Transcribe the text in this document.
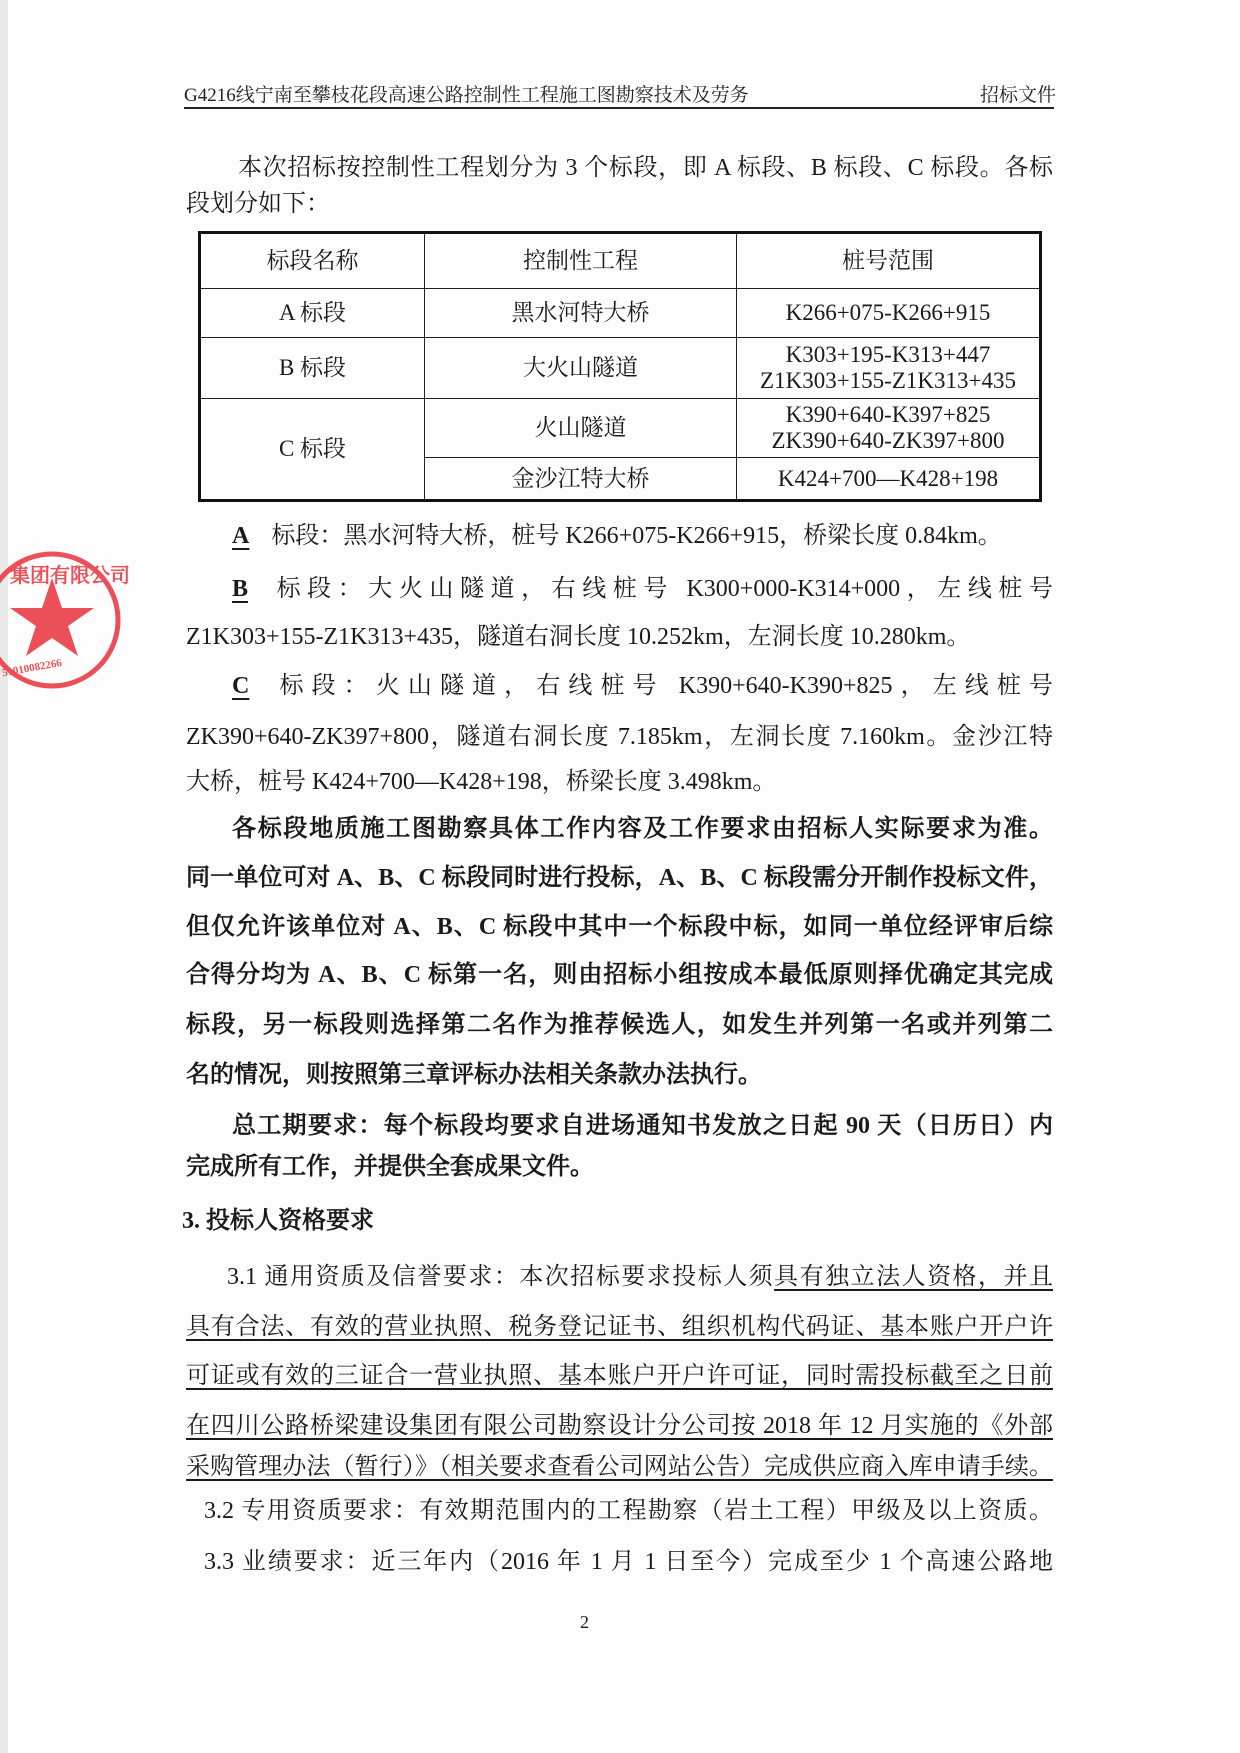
G4216线宁南至攀枝花段高速公路控制性工程施工图勘察技术及劳务	招标文件
标段名称	控制性工程	桩号范围
A 标段	黑水河特大桥	K266+075-K266+915
B 标段	大火山隧道	K303+195-K313+447
Z1K303+155-Z1K313+435

C 标段	火山隧道	K390+640-K397+825
ZK390+640-ZK397+800

	金沙江特大桥	K424+700—K428+198
本次招标按控制性工程划分为 3 个标段，即 A 标段、B 标段、C 标段。各标
段划分如下：
A 标段：黑水河特大桥，桩号 K266+075-K266+915，桥梁长度 0.84km。
B 标段：大火山隧道，右线桩号 K300+000-K314+000，左线桩号
Z1K303+155-Z1K313+435，隧道右洞长度 10.252km，左洞长度 10.280km。
C 标段：火山隧道，右线桩号 K390+640-K390+825，左线桩号
ZK390+640-ZK397+800，隧道右洞长度 7.185km，左洞长度 7.160km。金沙江特
大桥，桩号 K424+700—K428+198，桥梁长度 3.498km。
各标段地质施工图勘察具体工作内容及工作要求由招标人实际要求为准。
同一单位可对 A、B、C 标段同时进行投标，A、B、C 标段需分开制作投标文件，
但仅允许该单位对 A、B、C 标段中其中一个标段中标，如同一单位经评审后综
合得分均为 A、B、C 标第一名，则由招标小组按成本最低原则择优确定其完成
标段，另一标段则选择第二名作为推荐候选人，如发生并列第一名或并列第二
名的情况，则按照第三章评标办法相关条款办法执行。
总工期要求：每个标段均要求自进场通知书发放之日起 90 天（日历日）内
完成所有工作，并提供全套成果文件。
3. 投标人资格要求
3.1 通用资质及信誉要求：本次招标要求投标人须具有独立法人资格，并且
具有合法、有效的营业执照、税务登记证书、组织机构代码证、基本账户开户许
可证或有效的三证合一营业执照、基本账户开户许可证，同时需投标截至之日前
在四川公路桥梁建设集团有限公司勘察设计分公司按 2018 年 12 月实施的《外部
采购管理办法（暂行）》（相关要求查看公司网站公告）完成供应商入库申请手续。
3.2 专用资质要求：有效期范围内的工程勘察（岩土工程）甲级及以上资质。
3.3 业绩要求：近三年内（2016 年 1 月 1 日至今）完成至少 1 个高速公路地
集团有限公司
51010082266
2
